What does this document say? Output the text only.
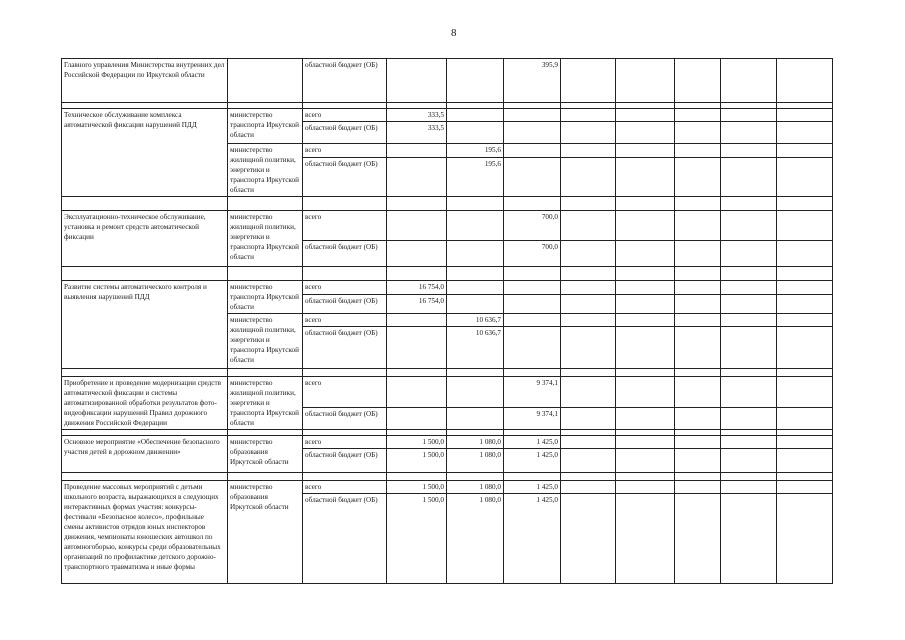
8
Главного управления Министерства внутренних дел Российской Федерации по Иркутской области		областной бюджет (ОБ)			395,9					

Техническое обслуживание комплекса автоматической фиксации нарушений ПДД	министерство транспорта Иркутской области	всего	333,5							
		областной бюджет (ОБ)	333,5							
	министерство жилищной политики, энергетики и транспорта Иркутской области	всего		195,6						
		областной бюджет (ОБ)		195,6						

Эксплуатационно-техническое обслуживание, установка и ремонт средств автоматической фиксации	министерство жилищной политики, энергетики и транспорта Иркутской области	всего			700,0					
		областной бюджет (ОБ)			700,0					

Развитие системы автоматического контроля и выявления нарушений ПДД	министерство транспорта Иркутской области	всего	16 754,0							
		областной бюджет (ОБ)	16 754,0							
	министерство жилищной политики, энергетики и транспорта Иркутской области	всего		10 636,7						
		областной бюджет (ОБ)		10 636,7						

Приобретение и проведение модернизации средств автоматической фиксации и системы автоматизированной обработки результатов фото-видеофиксации нарушений Правил дорожного движения Российской Федерации	министерство жилищной политики, энергетики и транспорта Иркутской области	всего			9 374,1					
		областной бюджет (ОБ)			9 374,1					

Основное мероприятие «Обеспечение безопасного участия детей в дорожном движении»	министерство образования Иркутской области	всего	1 500,0	1 080,0	1 425,0					
		областной бюджет (ОБ)	1 500,0	1 080,0	1 425,0					

Проведение массовых мероприятий с детьми школьного возраста, выражающихся в следующих интерактивных формах участия: конкурсы-фестивали «Безопасное колесо», профильные смены активистов отрядов юных инспекторов движения, чемпионаты юношеских автошкол по автомногоборью, конкурсы среди образовательных организаций по профилактике детского дорожно-транспортного травматизма и иные формы	министерство образования Иркутской области	всего	1 500,0	1 080,0	1 425,0					
		областной бюджет (ОБ)	1 500,0	1 080,0	1 425,0					
